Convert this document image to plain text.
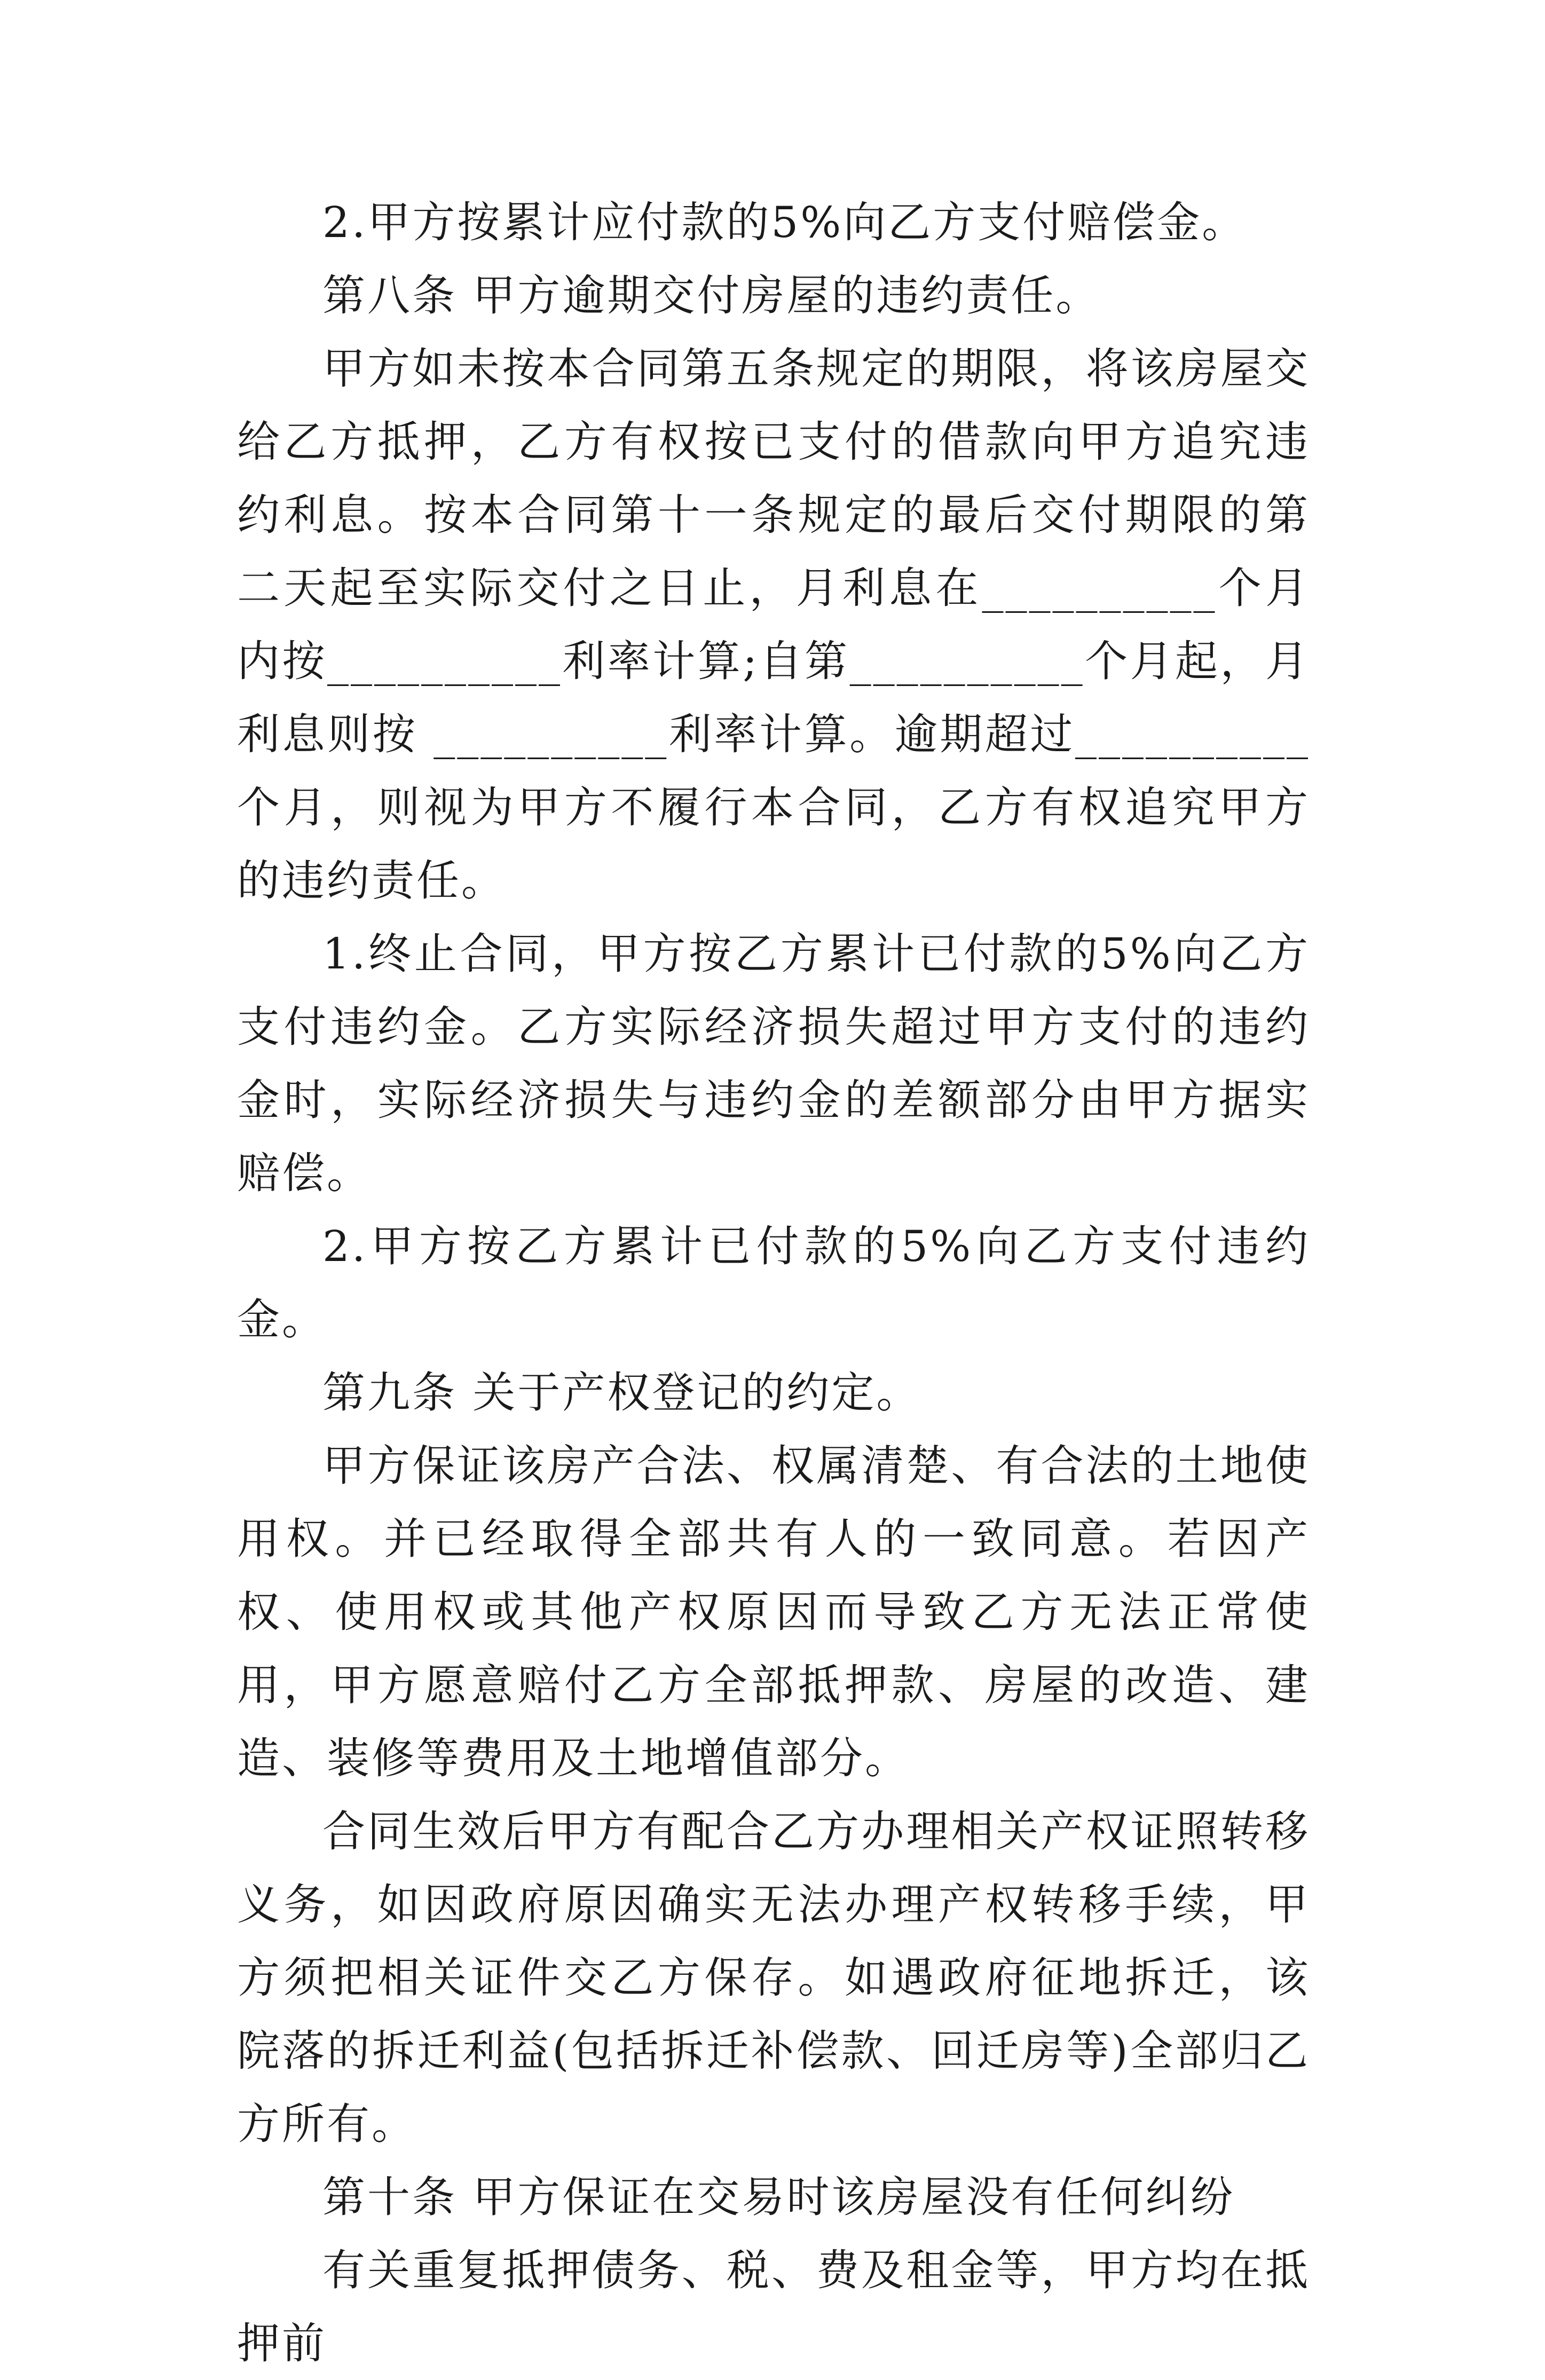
2.甲方按累计应付款的5%向乙方支付赔偿金。

第八条 甲方逾期交付房屋的违约责任。

甲方如未按本合同第五条规定的期限，将该房屋交给乙方抵押，乙方有权按已支付的借款向甲方追究违约利息。按本合同第十一条规定的最后交付期限的第二天起至实际交付之日止，月利息在__________个月内按__________利率计算;自第__________个月起，月利息则按 __________利率计算。逾期超过__________个月，则视为甲方不履行本合同，乙方有权追究甲方的违约责任。

1.终止合同，甲方按乙方累计已付款的5%向乙方支付违约金。乙方实际经济损失超过甲方支付的违约金时，实际经济损失与违约金的差额部分由甲方据实赔偿。

2.甲方按乙方累计已付款的5%向乙方支付违约金。

第九条 关于产权登记的约定。

甲方保证该房产合法、权属清楚、有合法的土地使用权。并已经取得全部共有人的一致同意。若因产权、使用权或其他产权原因而导致乙方无法正常使用，甲方愿意赔付乙方全部抵押款、房屋的改造、建造、装修等费用及土地增值部分。

合同生效后甲方有配合乙方办理相关产权证照转移义务，如因政府原因确实无法办理产权转移手续，甲方须把相关证件交乙方保存。如遇政府征地拆迁，该院落的拆迁利益(包括拆迁补偿款、回迁房等)全部归乙方所有。

第十条 甲方保证在交易时该房屋没有任何纠纷

有关重复抵押债务、税、费及租金等，甲方均在抵押前
